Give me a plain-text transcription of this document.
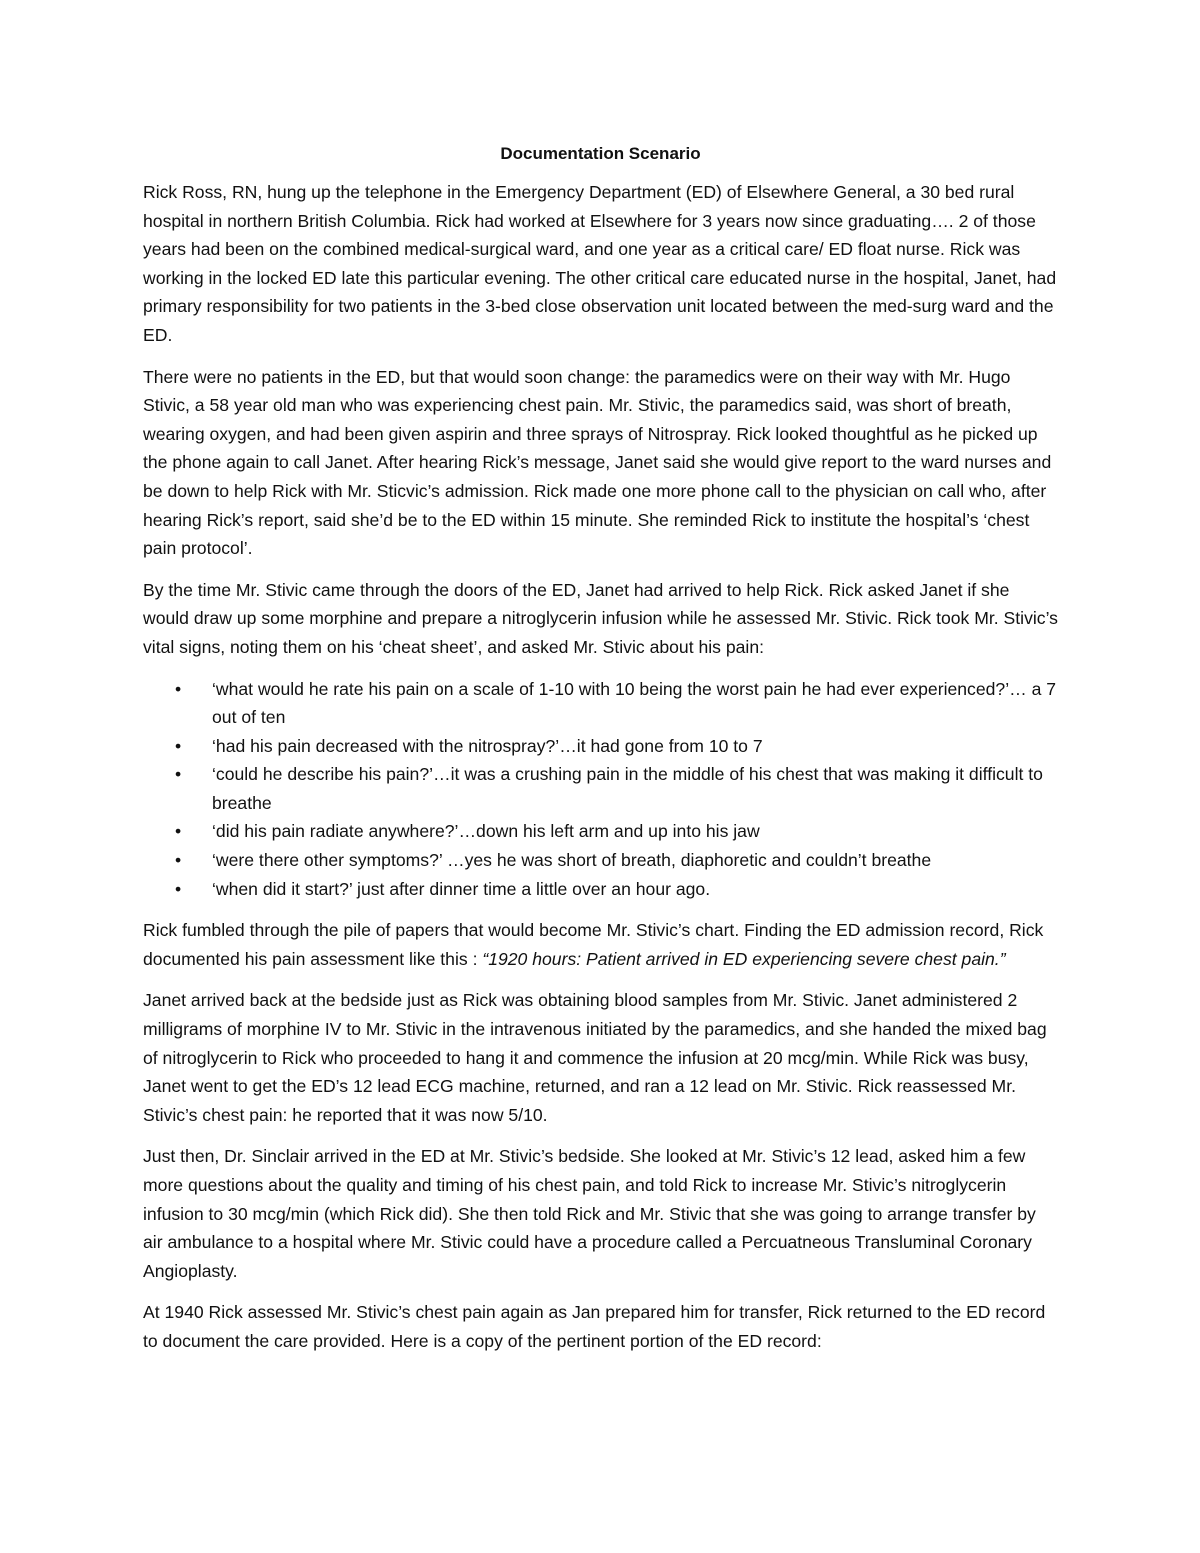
Documentation Scenario

Rick Ross, RN, hung up the telephone in the Emergency Department (ED) of Elsewhere General, a 30 bed rural hospital in northern British Columbia. Rick had worked at Elsewhere for 3 years now since graduating…. 2 of those years had been on the combined medical-surgical ward, and one year as a critical care/ ED float nurse. Rick was working in the locked ED late this particular evening. The other critical care educated nurse in the hospital, Janet, had primary responsibility for two patients in the 3-bed close observation unit located between the med-surg ward and the ED.

There were no patients in the ED, but that would soon change: the paramedics were on their way with Mr. Hugo Stivic, a 58 year old man who was experiencing chest pain. Mr. Stivic, the paramedics said, was short of breath, wearing oxygen, and had been given aspirin and three sprays of Nitrospray. Rick looked thoughtful as he picked up the phone again to call Janet. After hearing Rick’s message, Janet said she would give report to the ward nurses and be down to help Rick with Mr. Sticvic’s admission. Rick made one more phone call to the physician on call who, after hearing Rick’s report, said she’d be to the ED within 15 minute. She reminded Rick to institute the hospital’s ‘chest pain protocol’.

By the time Mr. Stivic came through the doors of the ED, Janet had arrived to help Rick. Rick asked Janet if she would draw up some morphine and prepare a nitroglycerin infusion while he assessed Mr. Stivic. Rick took Mr. Stivic’s vital signs, noting them on his ‘cheat sheet’, and asked Mr. Stivic about his pain:

• ‘what would he rate his pain on a scale of 1-10 with 10 being the worst pain he had ever experienced?’… a 7 out of ten
• ‘had his pain decreased with the nitrospray?’…it had gone from 10 to 7
• ‘could he describe his pain?’…it was a crushing pain in the middle of his chest that was making it difficult to breathe
• ‘did his pain radiate anywhere?’…down his left arm and up into his jaw
• ‘were there other symptoms?’ …yes he was short of breath, diaphoretic and couldn’t breathe
• ‘when did it start?’ just after dinner time a little over an hour ago.

Rick fumbled through the pile of papers that would become Mr. Stivic’s chart. Finding the ED admission record, Rick documented his pain assessment like this : “1920 hours: Patient arrived in ED experiencing severe chest pain.”

Janet arrived back at the bedside just as Rick was obtaining blood samples from Mr. Stivic. Janet administered 2 milligrams of morphine IV to Mr. Stivic in the intravenous initiated by the paramedics, and she handed the mixed bag of nitroglycerin to Rick who proceeded to hang it and commence the infusion at 20 mcg/min. While Rick was busy, Janet went to get the ED’s 12 lead ECG machine, returned, and ran a 12 lead on Mr. Stivic. Rick reassessed Mr. Stivic’s chest pain: he reported that it was now 5/10.

Just then, Dr. Sinclair arrived in the ED at Mr. Stivic’s bedside. She looked at Mr. Stivic’s 12 lead, asked him a few more questions about the quality and timing of his chest pain, and told Rick to increase Mr. Stivic’s nitroglycerin infusion to 30 mcg/min (which Rick did). She then told Rick and Mr. Stivic that she was going to arrange transfer by air ambulance to a hospital where Mr. Stivic could have a procedure called a Percuatneous Transluminal Coronary Angioplasty.

At 1940 Rick assessed Mr. Stivic’s chest pain again as Jan prepared him for transfer, Rick returned to the ED record to document the care provided. Here is a copy of the pertinent portion of the ED record:
